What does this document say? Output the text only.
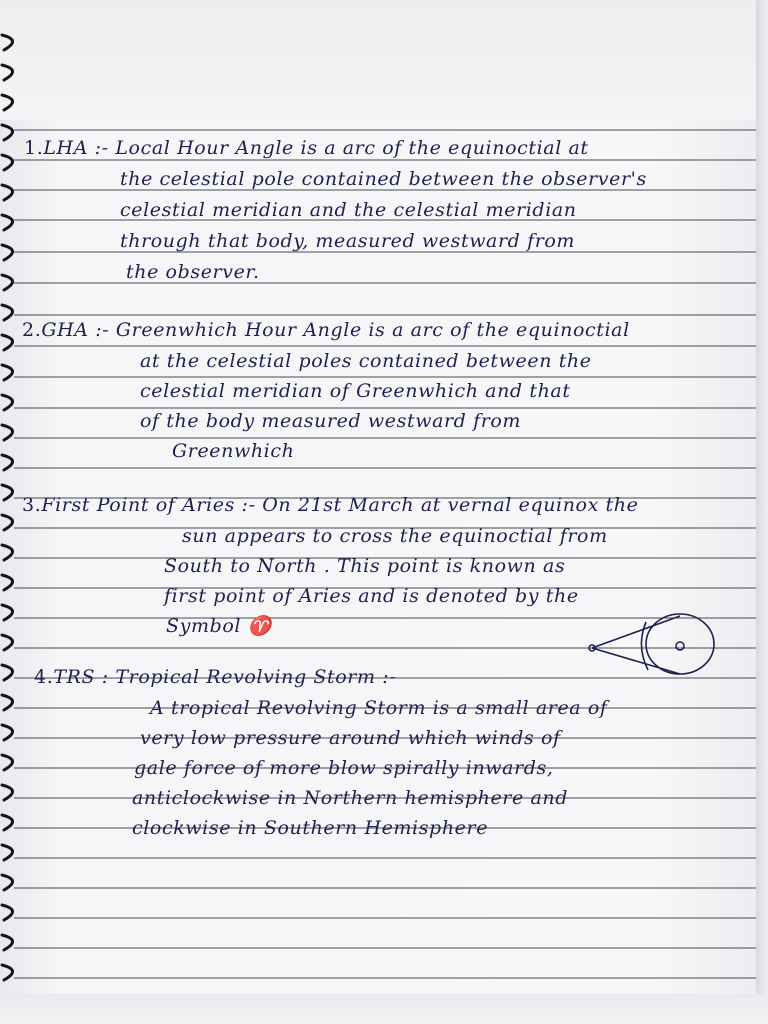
1.LHA :- Local Hour Angle is a arc of the equinoctial at
the celestial pole contained between the observer's
celestial meridian and the celestial meridian
through that body, measured westward from
the observer.
2.GHA :- Greenwhich Hour Angle is a arc of the equinoctial
at the celestial poles contained between the
celestial meridian of Greenwhich and that
of the body measured westward from
Greenwhich
3.First Point of Aries :- On 21st March at vernal equinox the
sun appears to cross the equinoctial from
South to North . This point is known as
first point of Aries and is denoted by the
Symbol ♈
4.TRS : Tropical Revolving Storm :-
A tropical Revolving Storm is a small area of
very low pressure around which winds of
gale force of more blow spirally inwards,
anticlockwise in Northern hemisphere and
clockwise in Southern Hemisphere
